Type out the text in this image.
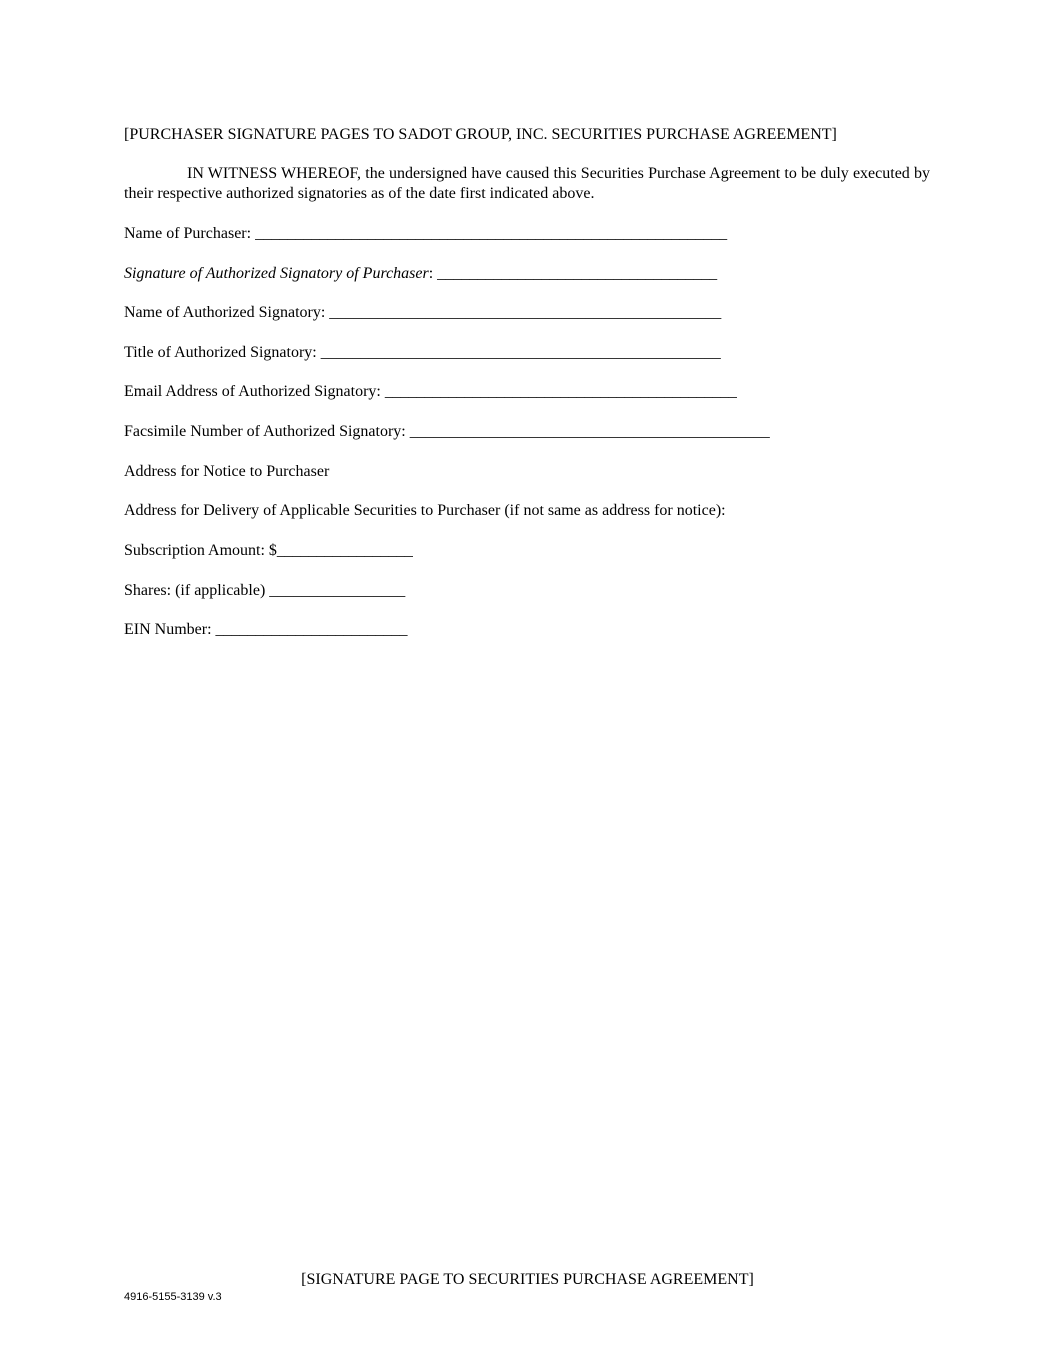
[PURCHASER SIGNATURE PAGES TO SADOT GROUP, INC. SECURITIES PURCHASE AGREEMENT]
IN WITNESS WHEREOF, the undersigned have caused this Securities Purchase Agreement to be duly executed by their respective authorized signatories as of the date first indicated above.
Name of Purchaser: ___________________________________________________________
Signature of Authorized Signatory of Purchaser: ___________________________________
Name of Authorized Signatory: _________________________________________________
Title of Authorized Signatory: __________________________________________________
Email Address of Authorized Signatory: ____________________________________________
Facsimile Number of Authorized Signatory: _____________________________________________
Address for Notice to Purchaser
Address for Delivery of Applicable Securities to Purchaser (if not same as address for notice):
Subscription Amount: $_________________
Shares: (if applicable) _________________
EIN Number: ________________________
[SIGNATURE PAGE TO SECURITIES PURCHASE AGREEMENT]
4916-5155-3139 v.3
